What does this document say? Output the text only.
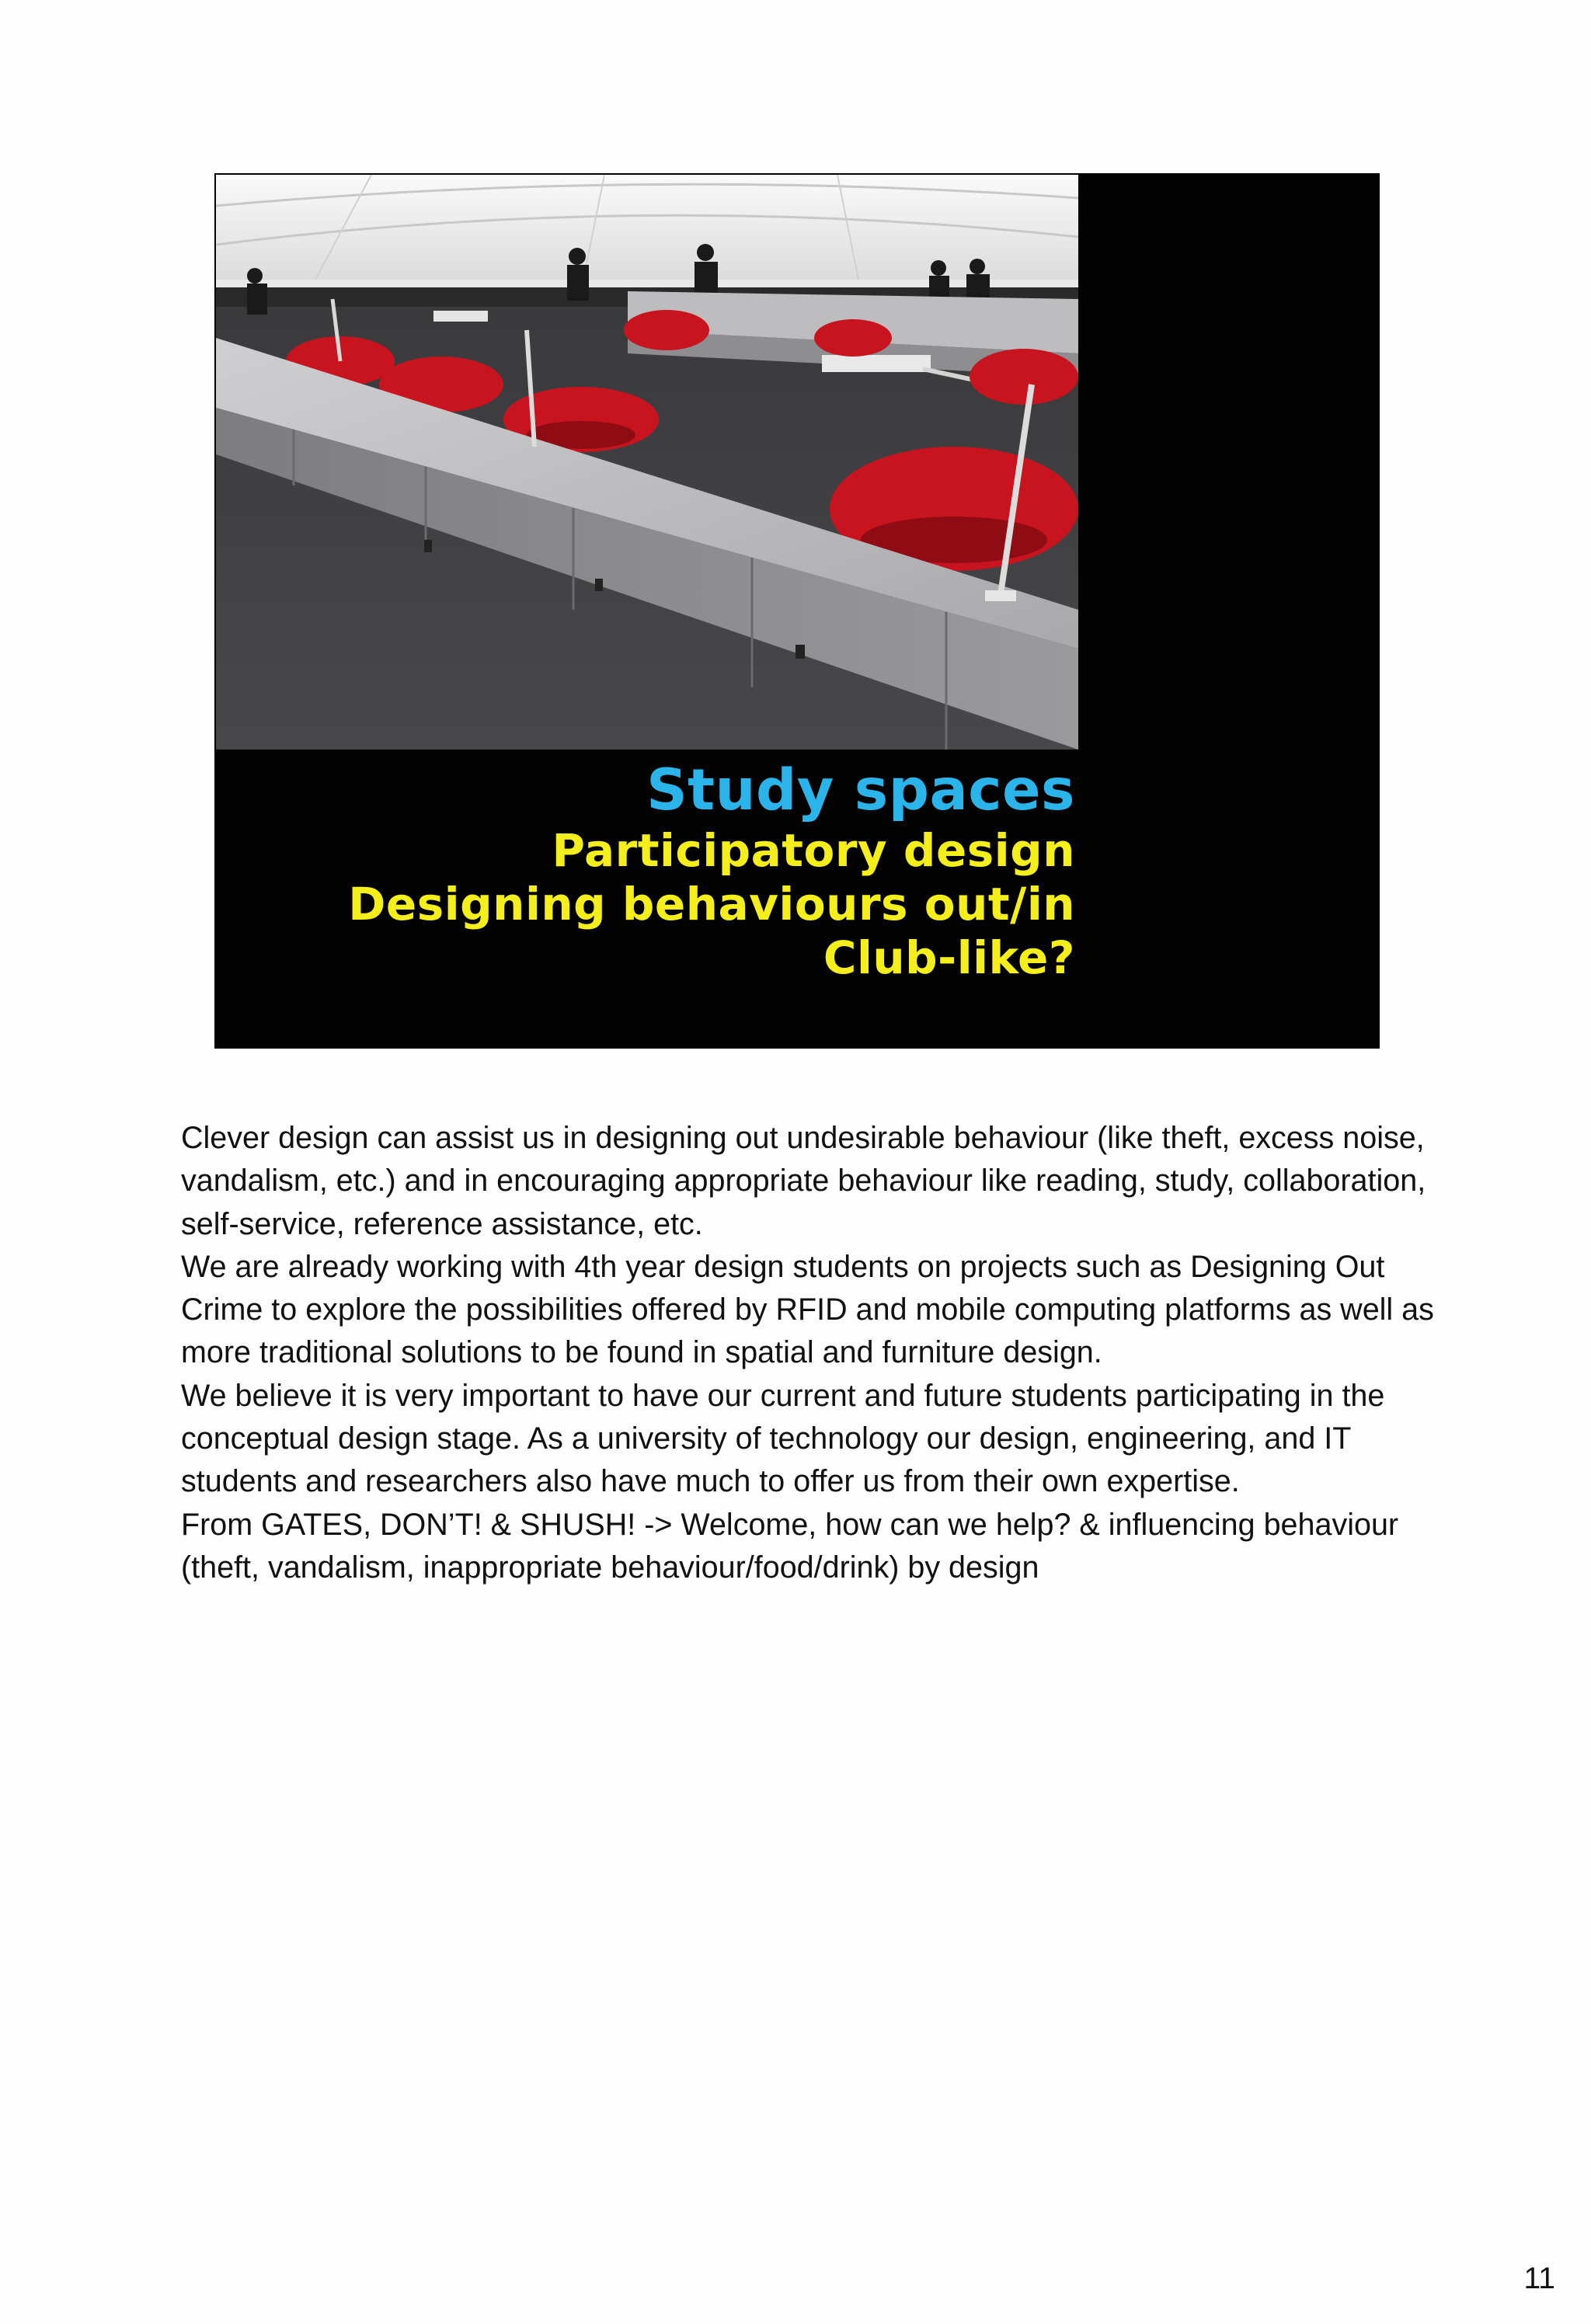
Study spaces
Participatory design
Designing behaviours out/in
Club-like?

Clever design can assist us in designing out undesirable behaviour (like theft, excess noise, vandalism, etc.) and in encouraging appropriate behaviour like reading, study, collaboration, self-service, reference assistance, etc.

We are already working with 4th year design students on projects such as Designing Out Crime to explore the possibilities offered by RFID and mobile computing platforms as well as more traditional solutions to be found in spatial and furniture design.

We believe it is very important to have our current and future students participating in the conceptual design stage. As a university of technology our design, engineering, and IT students and researchers also have much to offer us from their own expertise.

From GATES, DON’T! & SHUSH! -> Welcome, how can we help? & influencing behaviour (theft, vandalism, inappropriate behaviour/food/drink) by design

11
